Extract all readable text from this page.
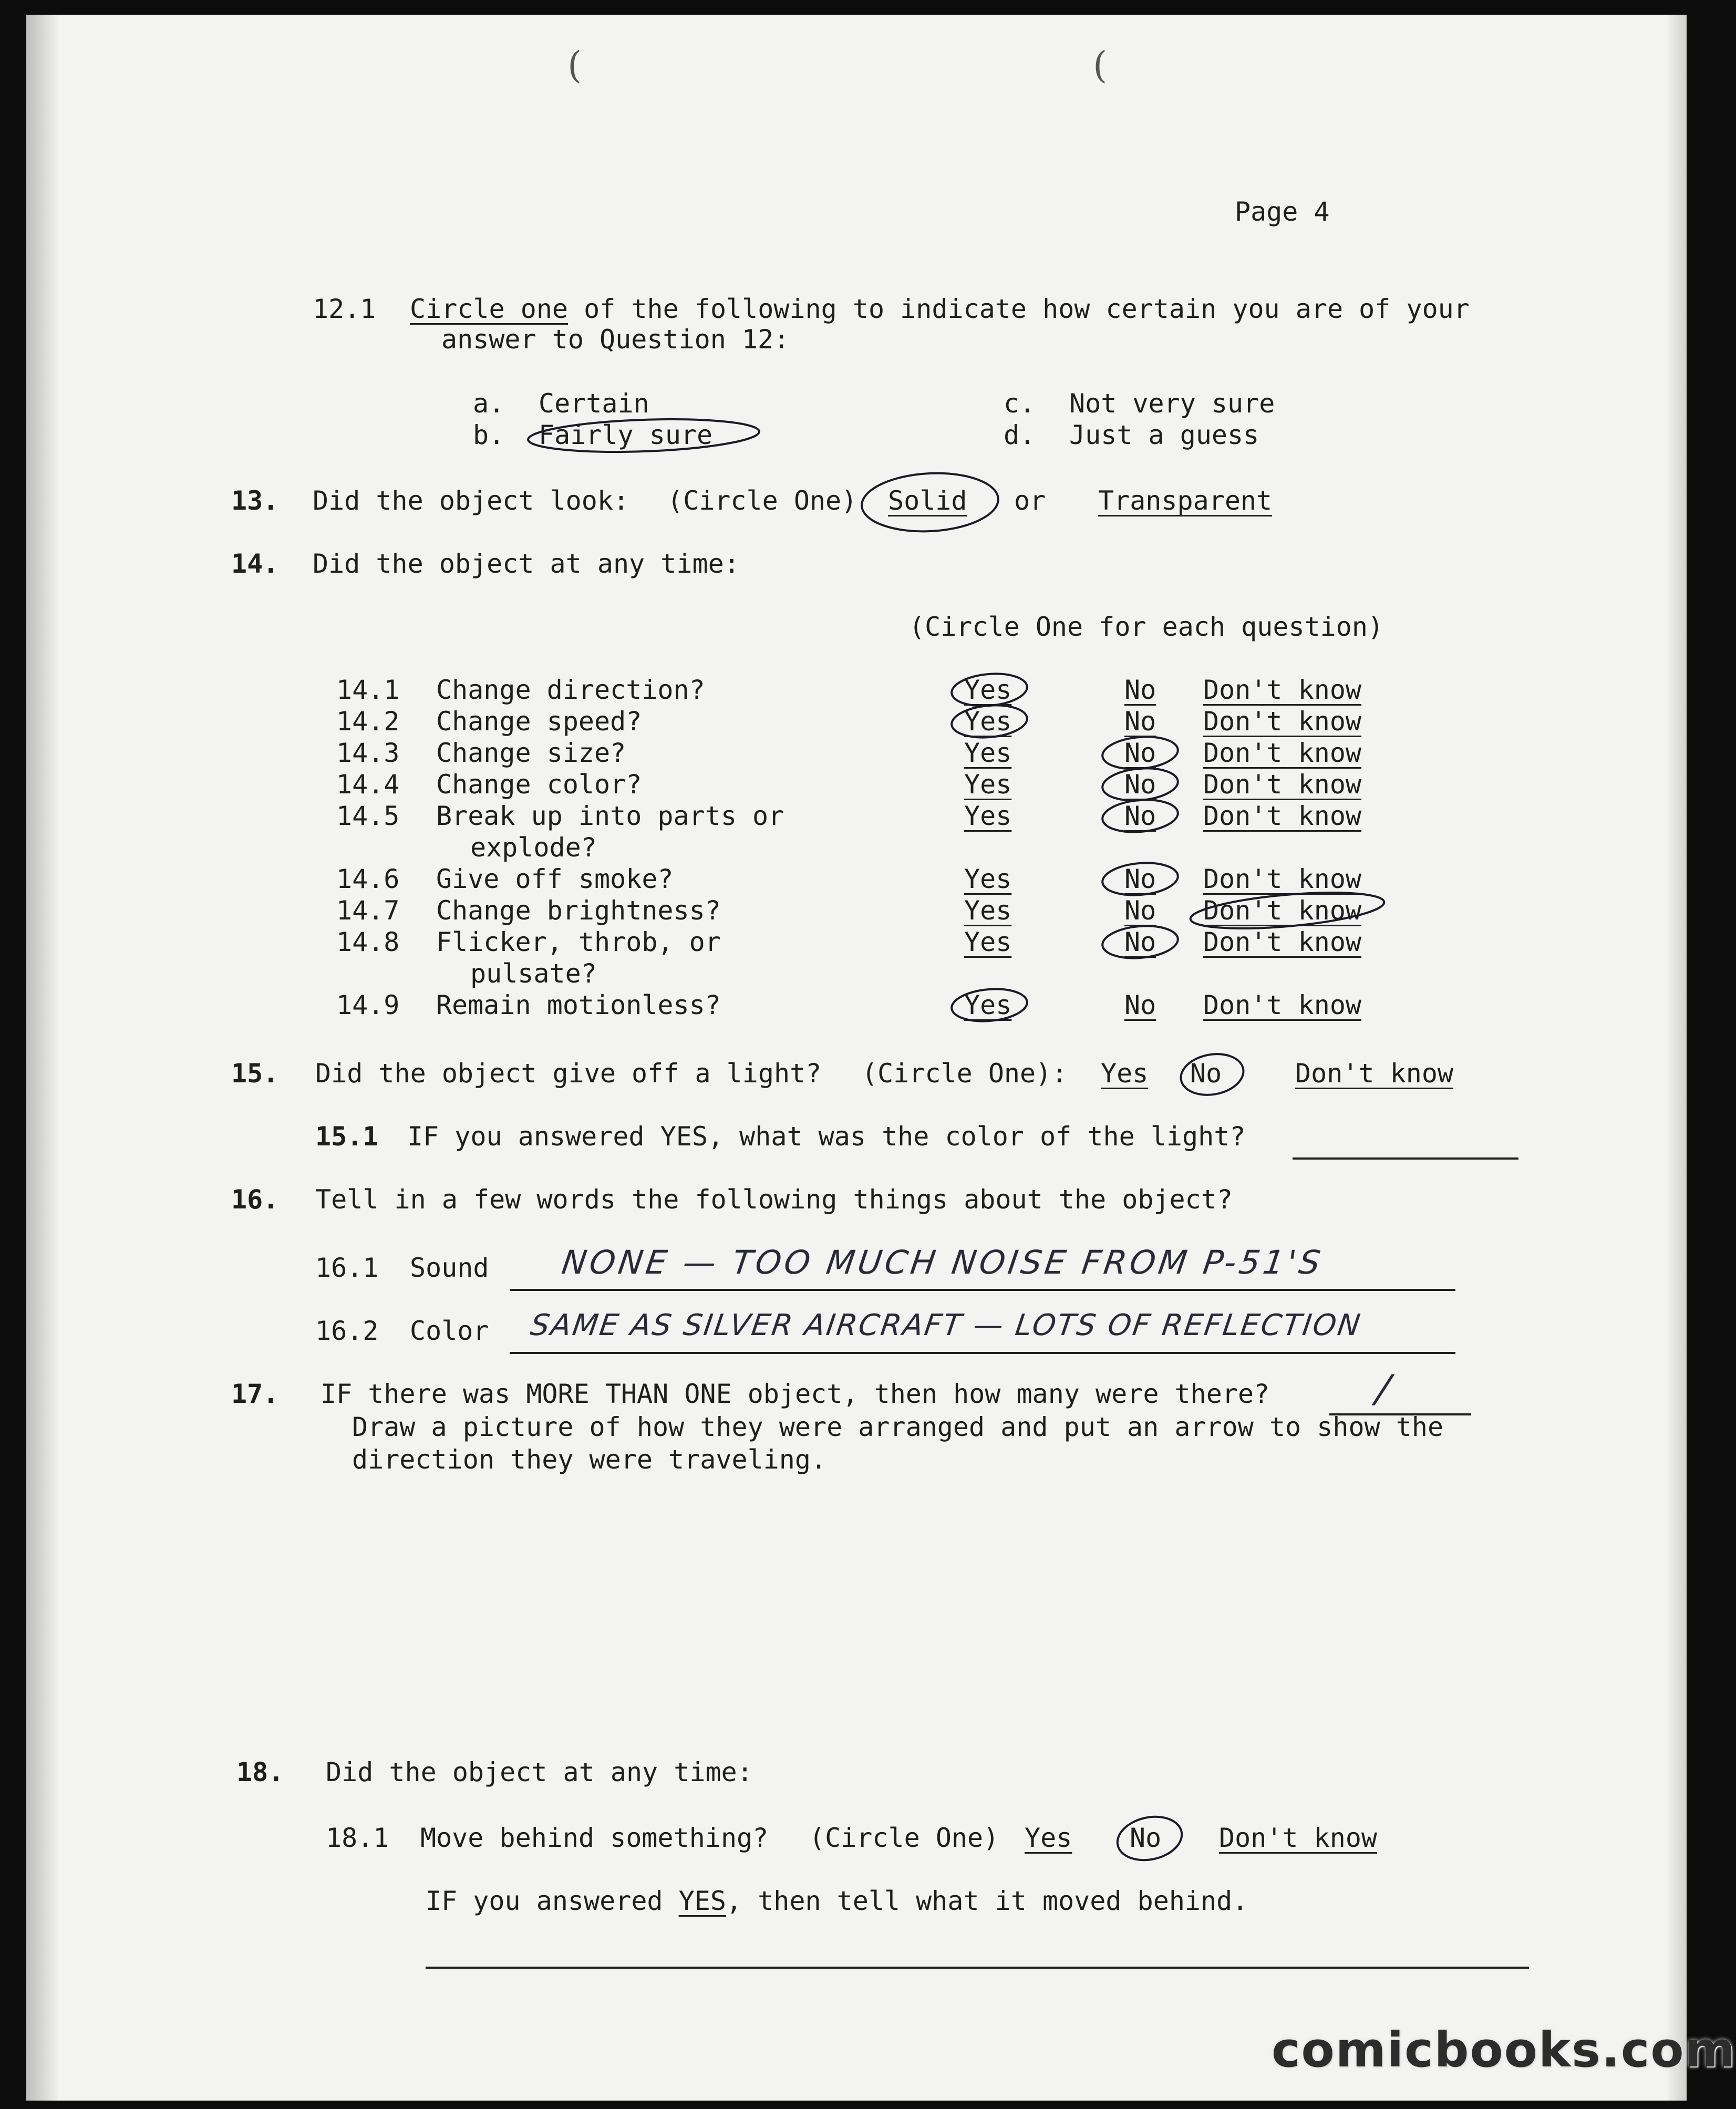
(	(
Page 4
12.1 Circle one of the following to indicate how certain you are of your
answer to Question 12:
a. Certain
b. Fairly sure
c. Not very sure
d. Just a guess
13. Did the object look: (Circle One) Solid or Transparent
14. Did the object at any time:
(Circle One for each question)
14.1 Change direction?	Yes	No Don't know
14.2 Change speed?	Yes	No Don't know
14.3 Change size?	Yes	No Don't know
14.4 Change color?	Yes	No Don't know
14.5 Break up into parts or
explode?
Yes	No Don't know
14.6 Give off smoke?	Yes	No Don't know
14.7 Change brightness?	Yes	No Don't know
14.8 Flicker, throb, or
pulsate?
Yes	No Don't know
14.9 Remain motionless?	Yes	No Don't know
15. Did the object give off a light? (Circle One): Yes No	Don't know
15.1 IF you answered YES, what was the color of the light?
16. Tell in a few words the following things about the object?
16.1 Sound NONE — TOO MUCH NOISE FROM P-51'S
16.2 Color SAME AS SILVER AIRCRAFT — LOTS OF REFLECTION
17. IF there was MORE THAN ONE object, then how many were there?	/
Draw a picture of how they were arranged and put an arrow to show the
direction they were traveling.
18. Did the object at any time:
18.1 Move behind something? (Circle One) Yes No Don't know
IF you answered YES, then tell what it moved behind.
comicbooks.com
